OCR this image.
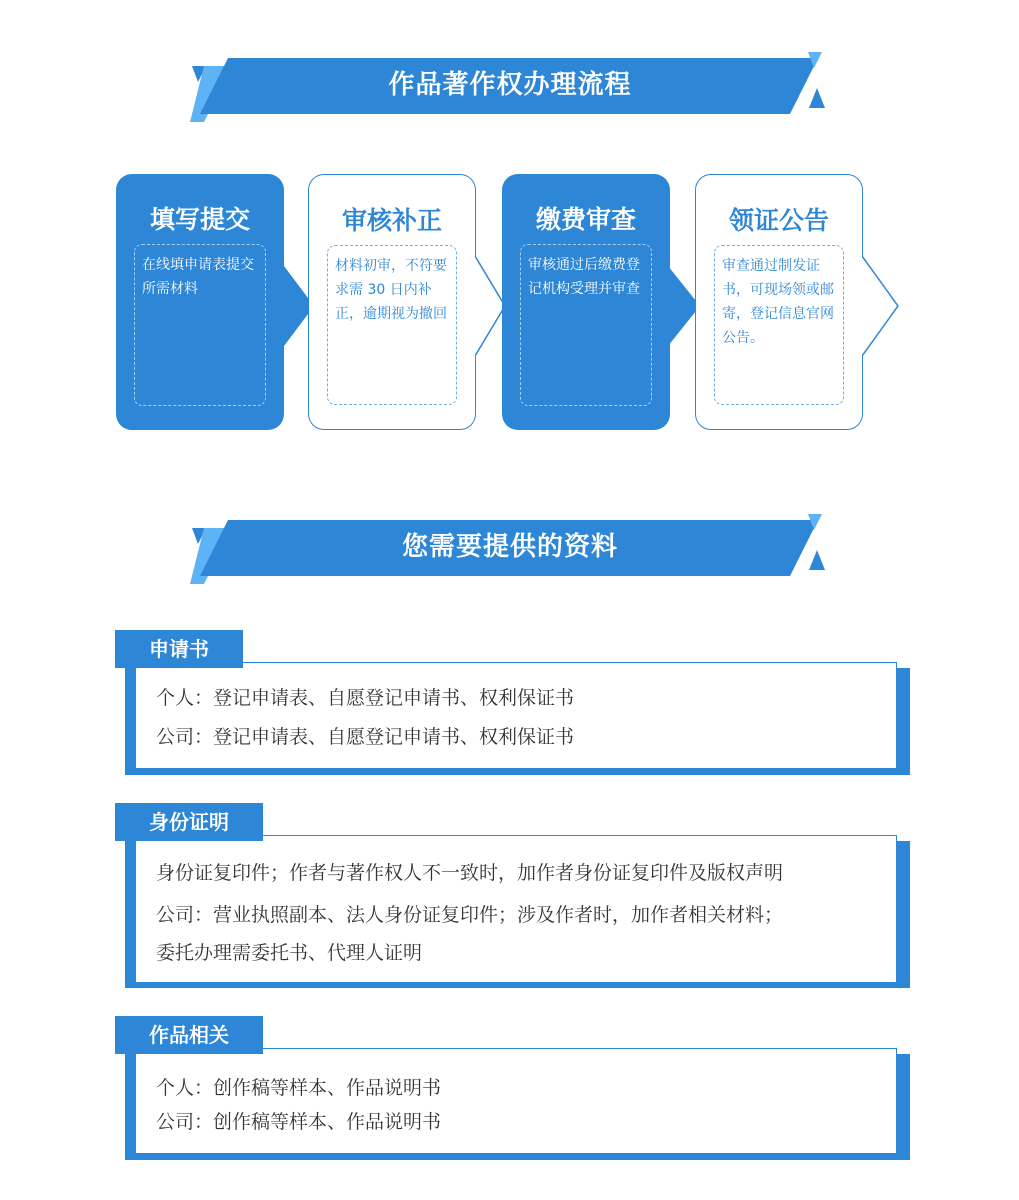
作品著作权办理流程
填写提交
在线填申请表提交所需材料
审核补正
材料初审，不符要求需 30 日内补正，逾期视为撤回
缴费审查
审核通过后缴费登记机构受理并审查
领证公告
审查通过制发证书，可现场领或邮寄，登记信息官网公告。
您需要提供的资料
个人：登记申请表、自愿登记申请书、权利保证书
公司：登记申请表、自愿登记申请书、权利保证书
申请书
身份证复印件；作者与著作权人不一致时，加作者身份证复印件及版权声明
公司：营业执照副本、法人身份证复印件；涉及作者时，加作者相关材料；
委托办理需委托书、代理人证明
身份证明
个人：创作稿等样本、作品说明书
公司：创作稿等样本、作品说明书
作品相关
